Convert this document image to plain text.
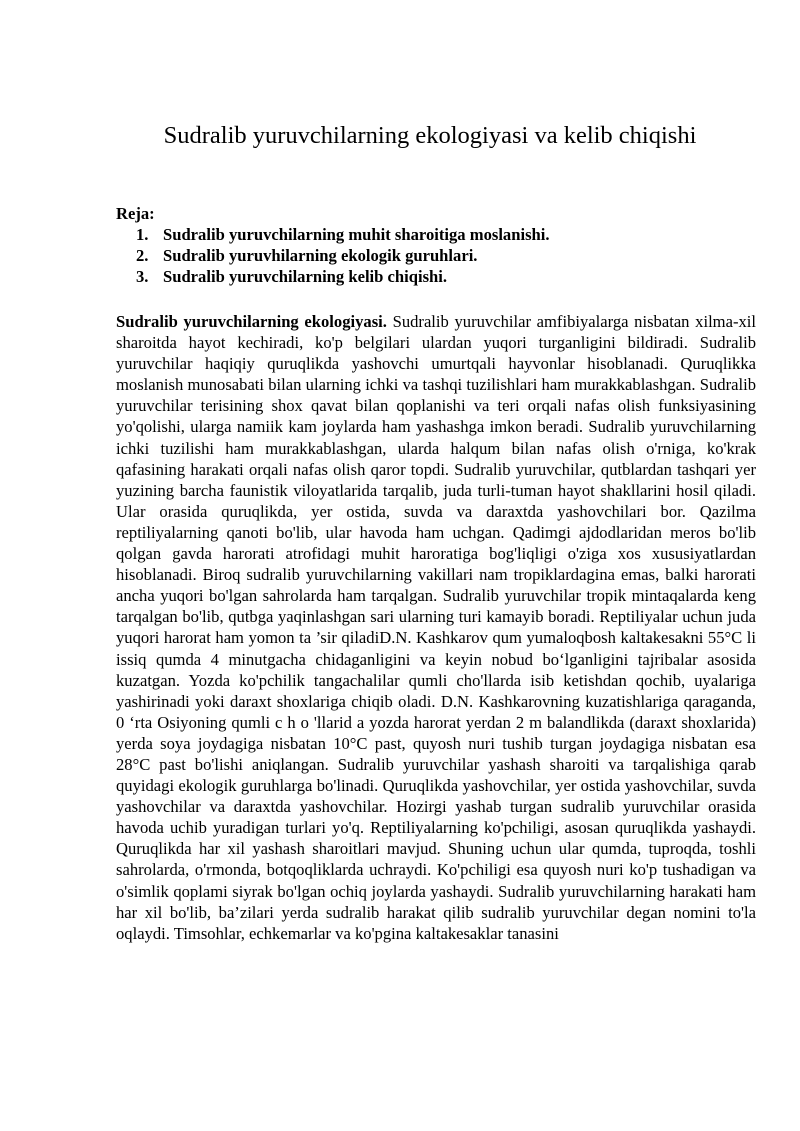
Sudralib yuruvchilarning ekologiyasi va kelib chiqishi

Reja:

1. Sudralib yuruvchilarning muhit sharoitiga moslanishi.
2. Sudralib yuruvhilarning ekologik guruhlari.
3. Sudralib yuruvchilarning kelib chiqishi.

Sudralib yuruvchilarning ekologiyasi. Sudralib yuruvchilar amfibiyalarga nisbatan xilma-xil sharoitda hayot kechiradi, ko'p belgilari ulardan yuqori turganligini bildiradi. Sudralib yuruvchilar haqiqiy quruqlikda yashovchi umurtqali hayvonlar hisoblanadi. Quruqlikka moslanish munosabati bilan ularning ichki va tashqi tuzilishlari ham murakkablashgan. Sudralib yuruvchilar terisining shox qavat bilan qoplanishi va teri orqali nafas olish funksiyasining yo'qolishi, ularga namiik kam joylarda ham yashashga imkon beradi. Sudralib yuruvchilarning ichki tuzilishi ham murakkablashgan, ularda halqum bilan nafas olish o'rniga, ko'krak qafasining harakati orqali nafas olish qaror topdi. Sudralib yuruvchilar, qutblardan tashqari yer yuzining barcha faunistik viloyatlarida tarqalib, juda turli-tuman hayot shakllarini hosil qiladi. Ular orasida quruqlikda, yer ostida, suvda va daraxtda yashovchilari bor. Qazilma reptiliyalarning qanoti bo'lib, ular havoda ham uchgan. Qadimgi ajdodlaridan meros bo'lib qolgan gavda harorati atrofidagi muhit haroratiga bog'liqligi o'ziga xos xususiyatlardan hisoblanadi. Biroq sudralib yuruvchilarning vakillari nam tropiklardagina emas, balki harorati ancha yuqori bo'lgan sahrolarda ham tarqalgan. Sudralib yuruvchilar tropik mintaqalarda keng tarqalgan bo'lib, qutbga yaqinlashgan sari ularning turi kamayib boradi. Reptiliyalar uchun juda yuqori harorat ham yomon ta ’sir qiladiD.N. Kashkarov qum yumaloqbosh kaltakesakni 55°C li issiq qumda 4 minutgacha chidaganligini va keyin nobud bo‘lganligini tajribalar asosida kuzatgan. Yozda ko'pchilik tangachalilar qumli cho'llarda isib ketishdan qochib, uyalariga yashirinadi yoki daraxt shoxlariga chiqib oladi. D.N. Kashkarovning kuzatishlariga qaraganda, 0 ‘rta Osiyoning qumli c h o 'llarid a yozda harorat yerdan 2 m balandlikda (daraxt shoxlarida) yerda soya joydagiga nisbatan 10°C past, quyosh nuri tushib turgan joydagiga nisbatan esa 28°C past bo'lishi aniqlangan. Sudralib yuruvchilar yashash sharoiti va tarqalishiga qarab quyidagi ekologik guruhlarga bo'linadi. Quruqlikda yashovchilar, yer ostida yashovchilar, suvda yashovchilar va daraxtda yashovchilar. Hozirgi yashab turgan sudralib yuruvchilar orasida havoda uchib yuradigan turlari yo'q. Reptiliyalarning ko'pchiligi, asosan quruqlikda yashaydi. Quruqlikda har xil yashash sharoitlari mavjud. Shuning uchun ular qumda, tuproqda, toshli sahrolarda, o'rmonda, botqoqliklarda uchraydi. Ko'pchiligi esa quyosh nuri ko'p tushadigan va o'simlik qoplami siyrak bo'lgan ochiq joylarda yashaydi. Sudralib yuruvchilarning harakati ham har xil bo'lib, ba’zilari yerda sudralib harakat qilib sudralib yuruvchilar degan nomini to'la oqlaydi. Timsohlar, echkemarlar va ko'pgina kaltakesaklar tanasini
